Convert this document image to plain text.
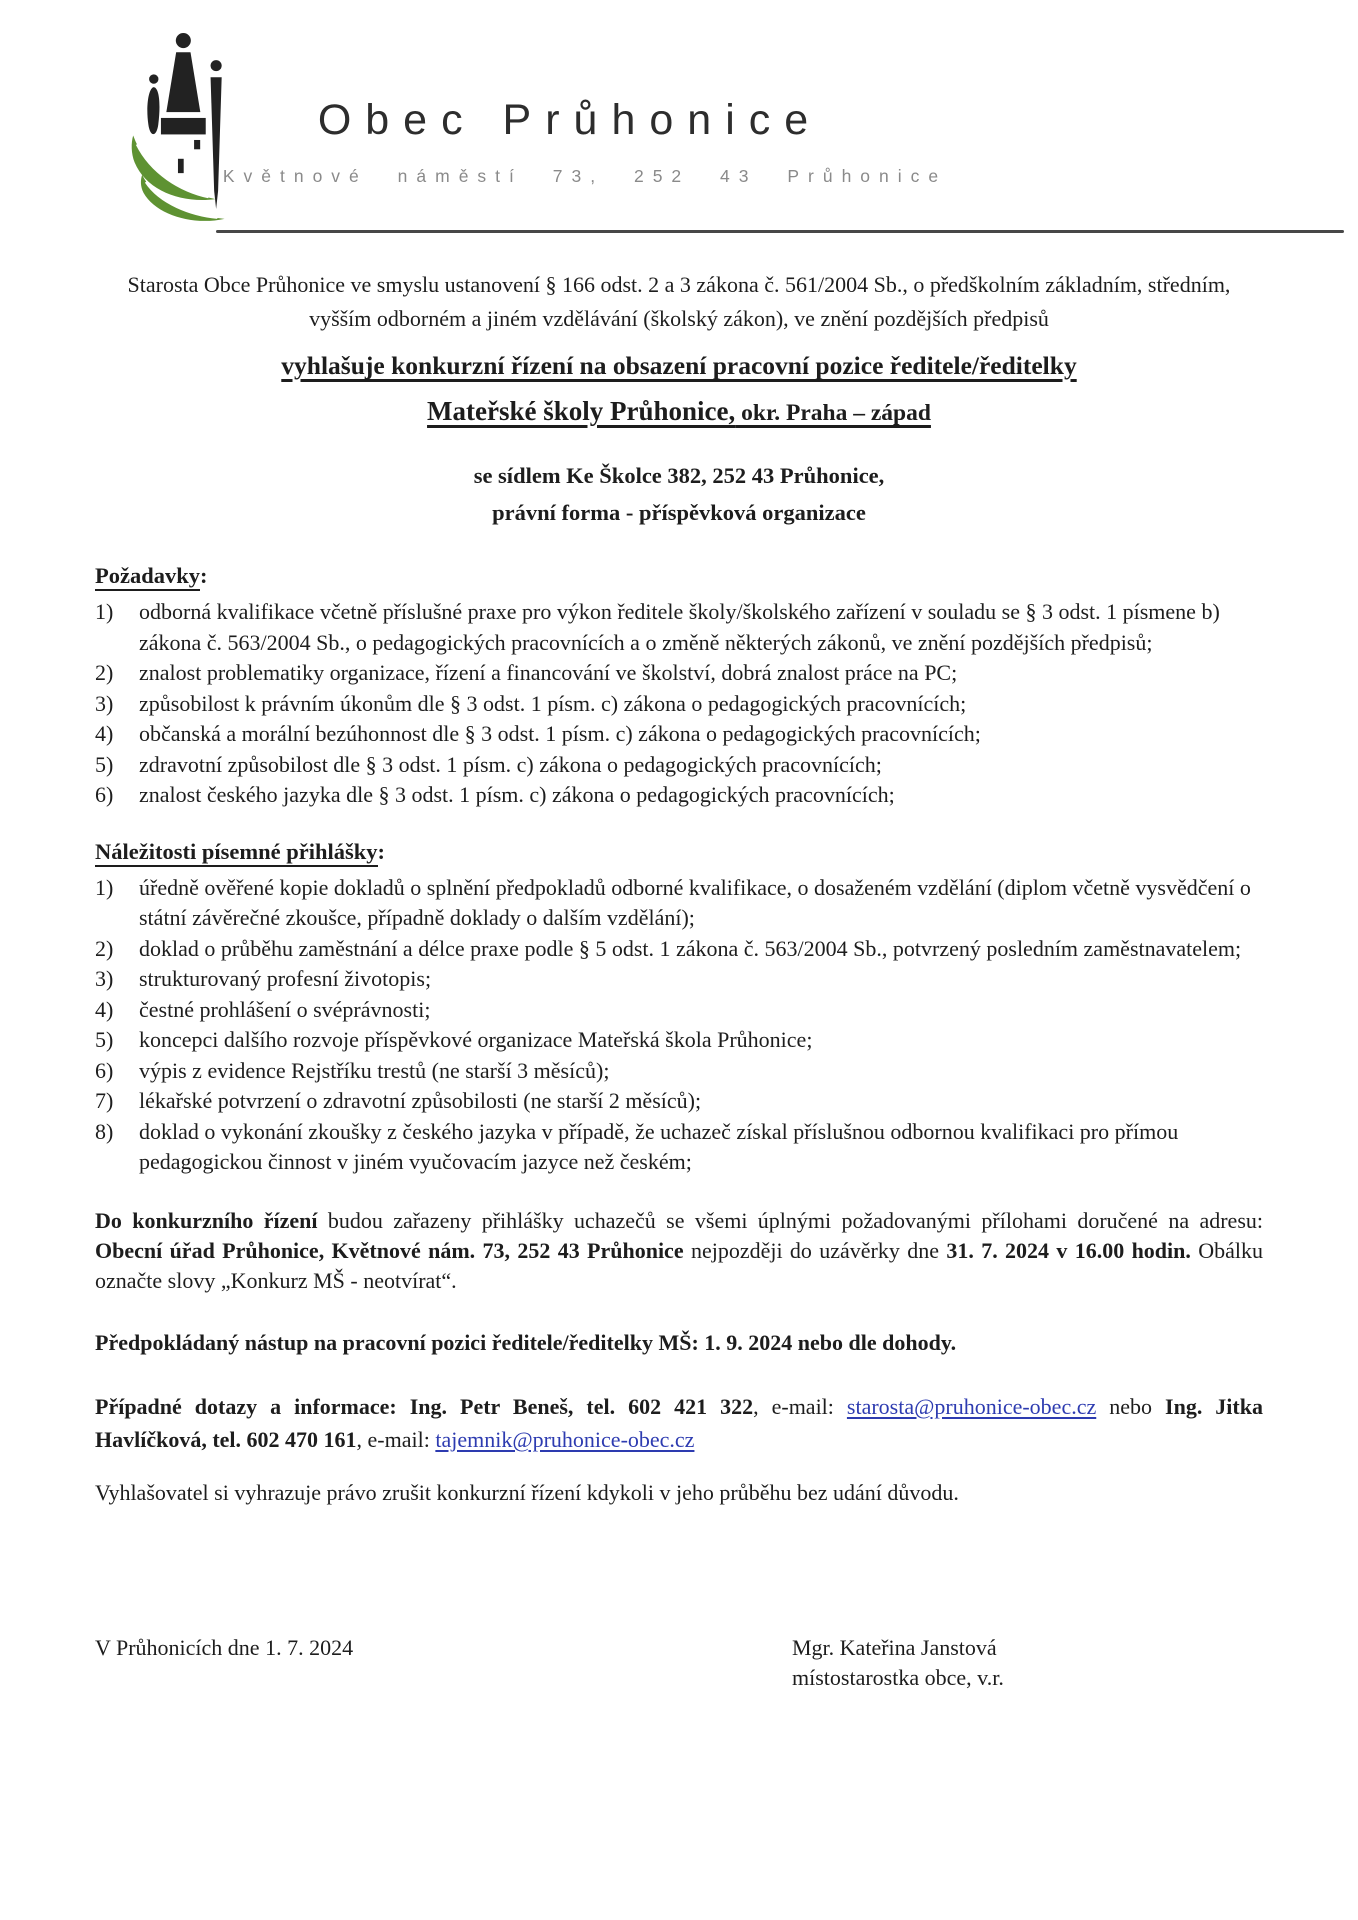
Obec Průhonice
Květnové náměstí 73, 252 43 Průhonice

Starosta Obce Průhonice ve smyslu ustanovení § 166 odst. 2 a 3 zákona č. 561/2004 Sb., o předškolním základním, středním, vyšším odborném a jiném vzdělávání (školský zákon), ve znění pozdějších předpisů

vyhlašuje konkurzní řízení na obsazení pracovní pozice ředitele/ředitelky
Mateřské školy Průhonice, okr. Praha – západ

se sídlem Ke Školce 382, 252 43 Průhonice,
právní forma - příspěvková organizace

Požadavky:
1) odborná kvalifikace včetně příslušné praxe pro výkon ředitele školy/školského zařízení v souladu se § 3 odst. 1 písmene b) zákona č. 563/2004 Sb., o pedagogických pracovnících a o změně některých zákonů, ve znění pozdějších předpisů;
2) znalost problematiky organizace, řízení a financování ve školství, dobrá znalost práce na PC;
3) způsobilost k právním úkonům dle § 3 odst. 1 písm. c) zákona o pedagogických pracovnících;
4) občanská a morální bezúhonnost dle § 3 odst. 1 písm. c) zákona o pedagogických pracovnících;
5) zdravotní způsobilost dle § 3 odst. 1 písm. c) zákona o pedagogických pracovnících;
6) znalost českého jazyka dle § 3 odst. 1 písm. c) zákona o pedagogických pracovnících;
Náležitosti písemné přihlášky:
1) úředně ověřené kopie dokladů o splnění předpokladů odborné kvalifikace, o dosaženém vzdělání (diplom včetně vysvědčení o státní závěrečné zkoušce, případně doklady o dalším vzdělání);
2) doklad o průběhu zaměstnání a délce praxe podle § 5 odst. 1 zákona č. 563/2004 Sb., potvrzený posledním zaměstnavatelem;
3) strukturovaný profesní životopis;
4) čestné prohlášení o svéprávnosti;
5) koncepci dalšího rozvoje příspěvkové organizace Mateřská škola Průhonice;
6) výpis z evidence Rejstříku trestů (ne starší 3 měsíců);
7) lékařské potvrzení o zdravotní způsobilosti (ne starší 2 měsíců);
8) doklad o vykonání zkoušky z českého jazyka v případě, že uchazeč získal příslušnou odbornou kvalifikaci pro přímou pedagogickou činnost v jiném vyučovacím jazyce než českém;

Do konkurzního řízení budou zařazeny přihlášky uchazečů se všemi úplnými požadovanými přílohami doručené na adresu: Obecní úřad Průhonice, Květnové nám. 73, 252 43 Průhonice nejpozději do uzávěrky dne 31. 7. 2024 v 16.00 hodin. Obálku označte slovy „Konkurz MŠ - neotvírat“.

Předpokládaný nástup na pracovní pozici ředitele/ředitelky MŠ: 1. 9. 2024 nebo dle dohody.

Případné dotazy a informace: Ing. Petr Beneš, tel. 602 421 322, e-mail: starosta@pruhonice-obec.cz nebo Ing. Jitka Havlíčková, tel. 602 470 161, e-mail: tajemnik@pruhonice-obec.cz

Vyhlašovatel si vyhrazuje právo zrušit konkurzní řízení kdykoli v jeho průběhu bez udání důvodu.

V Průhonicích dne 1. 7. 2024	Mgr. Kateřina Janstová
místostarostka obce, v.r.
